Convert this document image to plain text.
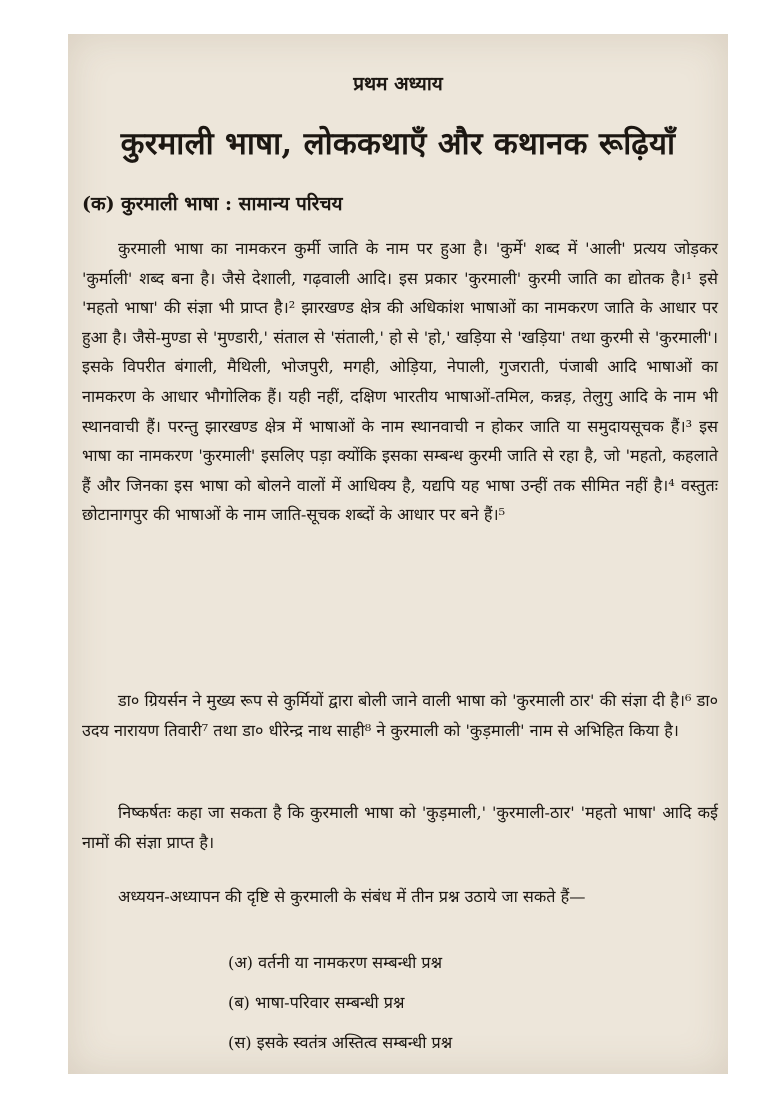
प्रथम अध्याय
कुरमाली भाषा, लोककथाएँ और कथानक रूढ़ियाँ
(क) कुरमाली भाषा : सामान्य परिचय

कुरमाली भाषा का नामकरन कुर्मी जाति के नाम पर हुआ है। 'कुर्मे' शब्द में 'आली' प्रत्यय जोड़कर 'कुर्माली' शब्द बना है। जैसे देशाली, गढ़वाली आदि। इस प्रकार 'कुरमाली' कुरमी जाति का द्योतक है।¹ इसे 'महतो भाषा' की संज्ञा भी प्राप्त है।² झारखण्ड क्षेत्र की अधिकांश भाषाओं का नामकरण जाति के आधार पर हुआ है। जैसे-मुण्डा से 'मुण्डारी,' संताल से 'संताली,' हो से 'हो,' खड़िया से 'खड़िया' तथा कुरमी से 'कुरमाली'। इसके विपरीत बंगाली, मैथिली, भोजपुरी, मगही, ओड़िया, नेपाली, गुजराती, पंजाबी आदि भाषाओं का नामकरण के आधार भौगोलिक हैं। यही नहीं, दक्षिण भारतीय भाषाओं-तमिल, कन्नड़, तेलुगु आदि के नाम भी स्थानवाची हैं। परन्तु झारखण्ड क्षेत्र में भाषाओं के नाम स्थानवाची न होकर जाति या समुदायसूचक हैं।³ इस भाषा का नामकरण 'कुरमाली' इसलिए पड़ा क्योंकि इसका सम्बन्ध कुरमी जाति से रहा है, जो 'महतो, कहलाते हैं और जिनका इस भाषा को बोलने वालों में आधिक्य है, यद्यपि यह भाषा उन्हीं तक सीमित नहीं है।⁴ वस्तुतः छोटानागपुर की भाषाओं के नाम जाति-सूचक शब्दों के आधार पर बने हैं।⁵

डा० ग्रियर्सन ने मुख्य रूप से कुर्मियों द्वारा बोली जाने वाली भाषा को 'कुरमाली ठार' की संज्ञा दी है।⁶ डा० उदय नारायण तिवारी⁷ तथा डा० धीरेन्द्र नाथ साही⁸ ने कुरमाली को 'कुड़माली' नाम से अभिहित किया है।

निष्कर्षतः कहा जा सकता है कि कुरमाली भाषा को 'कुड़माली,' 'कुरमाली-ठार' 'महतो भाषा' आदि कई नामों की संज्ञा प्राप्त है।

अध्ययन-अध्यापन की दृष्टि से कुरमाली के संबंध में तीन प्रश्न उठाये जा सकते हैं—

(अ) वर्तनी या नामकरण सम्बन्धी प्रश्न
(ब) भाषा-परिवार सम्बन्धी प्रश्न
(स) इसके स्वतंत्र अस्तित्व सम्बन्धी प्रश्न
